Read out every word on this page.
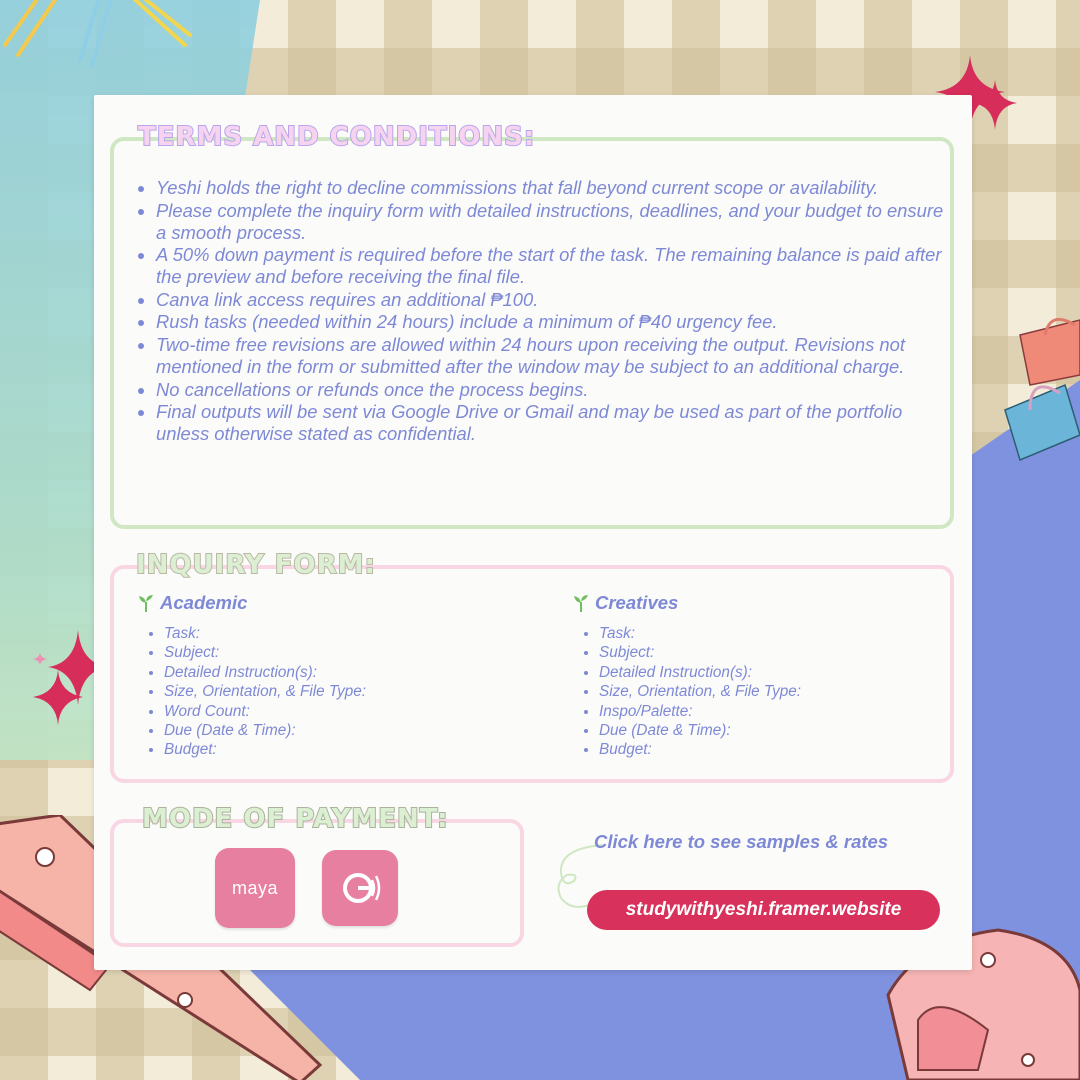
TERMS AND CONDITIONS:
• Yeshi holds the right to decline commissions that fall beyond current scope or availability.
• Please complete the inquiry form with detailed instructions, deadlines, and your budget to ensure a smooth process.
• A 50% down payment is required before the start of the task. The remaining balance is paid after the preview and before receiving the final file.
• Canva link access requires an additional ₱100.
• Rush tasks (needed within 24 hours) include a minimum of ₱40 urgency fee.
• Two-time free revisions are allowed within 24 hours upon receiving the output. Revisions not mentioned in the form or submitted after the window may be subject to an additional charge.
• No cancellations or refunds once the process begins.
• Final outputs will be sent via Google Drive or Gmail and may be used as part of the portfolio unless otherwise stated as confidential.
INQUIRY FORM:
Academic
• Task:
• Subject:
• Detailed Instruction(s):
• Size, Orientation, & File Type:
• Word Count:
• Due (Date & Time):
• Budget:
Creatives
• Task:
• Subject:
• Detailed Instruction(s):
• Size, Orientation, & File Type:
• Inspo/Palette:
• Due (Date & Time):
• Budget:
MODE OF PAYMENT:
maya
Click here to see samples & rates
studywithyeshi.framer.website
